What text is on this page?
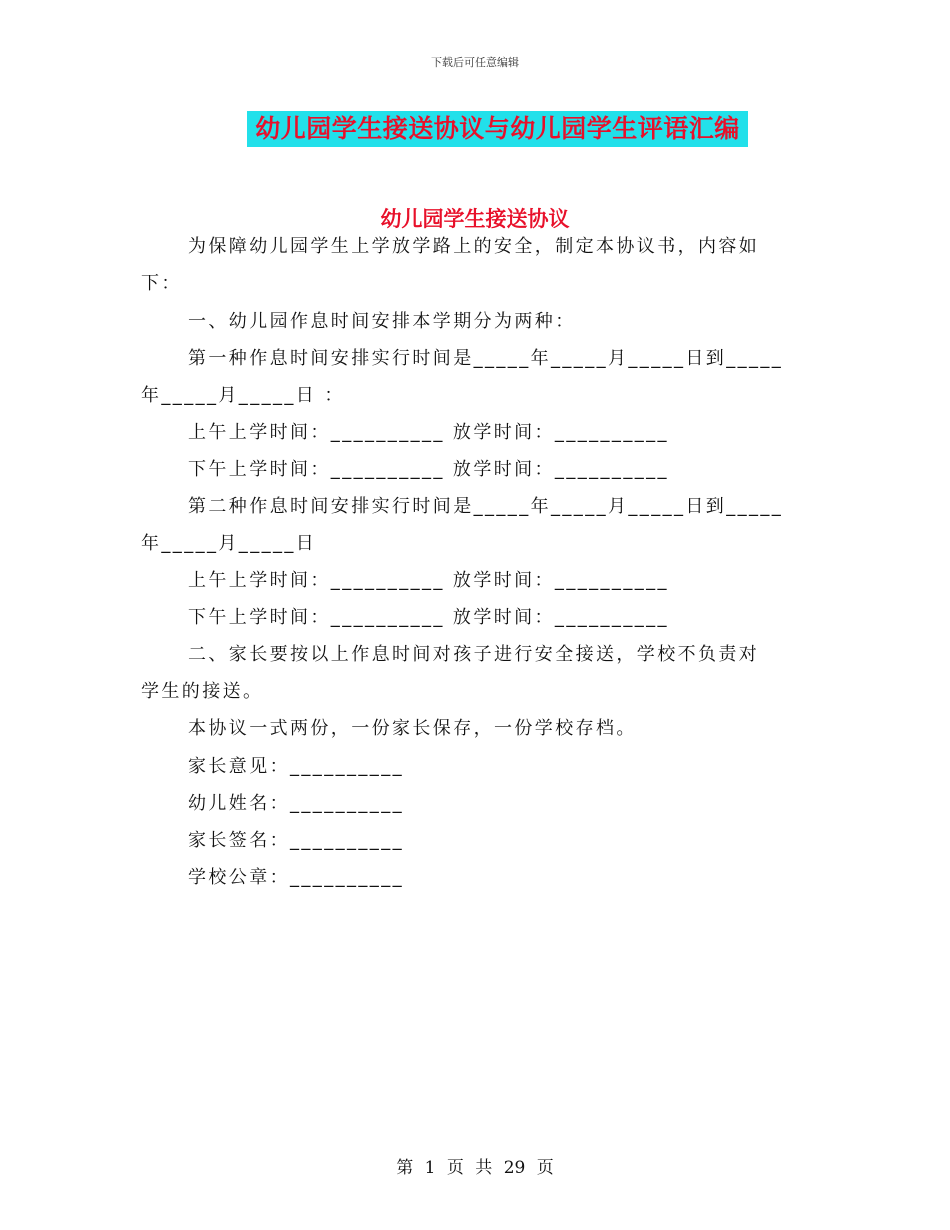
下载后可任意编辑
幼儿园学生接送协议与幼儿园学生评语汇编
幼儿园学生接送协议
为保障幼儿园学生上学放学路上的安全，制定本协议书，内容如
下：
一、幼儿园作息时间安排本学期分为两种：
第一种作息时间安排实行时间是_____年_____月_____日到_____
年_____月_____日 ：
上午上学时间：__________ 放学时间：__________
下午上学时间：__________ 放学时间：__________
第二种作息时间安排实行时间是_____年_____月_____日到_____
年_____月_____日
上午上学时间：__________ 放学时间：__________
下午上学时间：__________ 放学时间：__________
二、家长要按以上作息时间对孩子进行安全接送，学校不负责对
学生的接送。
本协议一式两份，一份家长保存，一份学校存档。
家长意见：__________
幼儿姓名：__________
家长签名：__________
学校公章：__________
第 1 页 共 29 页
